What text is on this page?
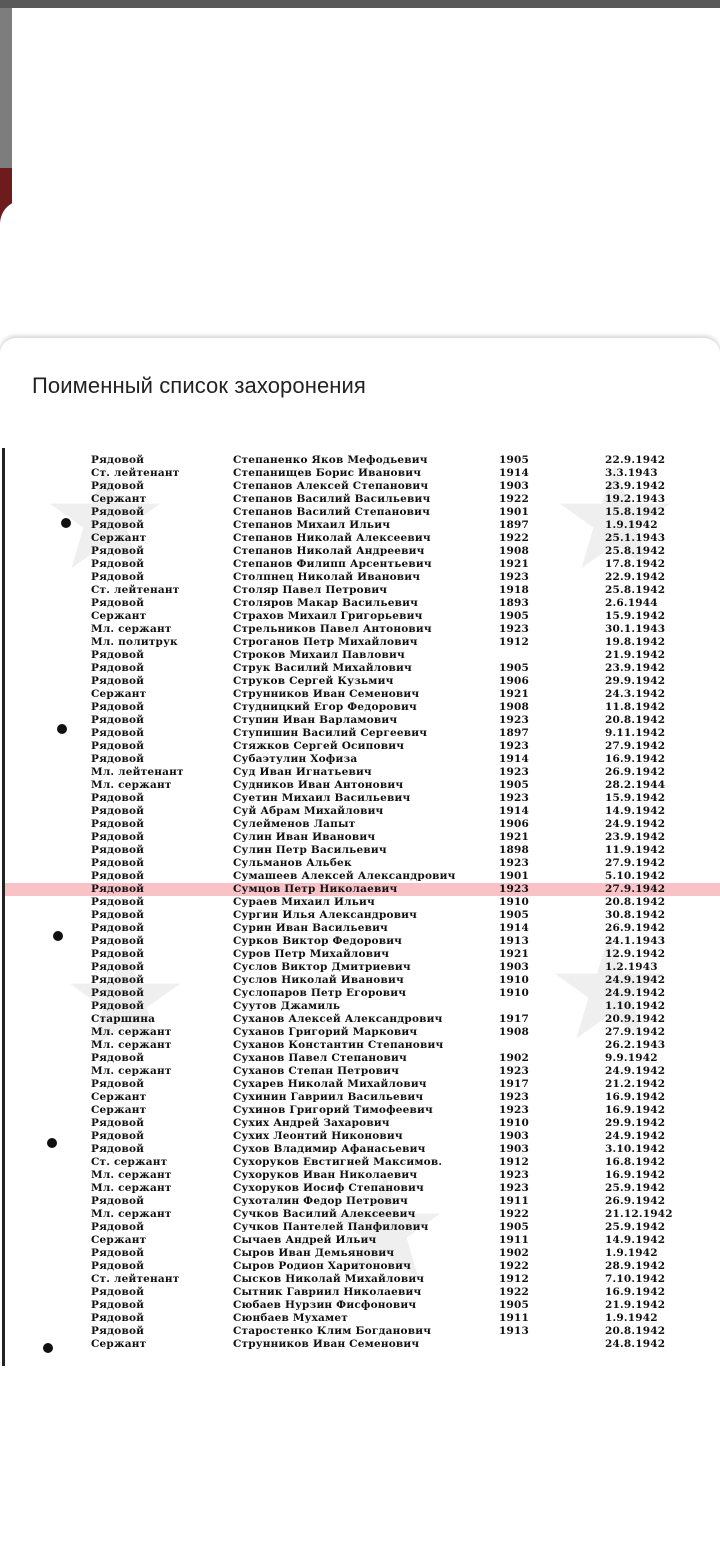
Поименный список захоронения
Рядовой	Степаненко Яков Мефодьевич	1905	22.9.1942
Ст. лейтенант	Степанищев Борис Иванович	1914	3.3.1943
Рядовой	Степанов Алексей Степанович	1903	23.9.1942
Сержант	Степанов Василий Васильевич	1922	19.2.1943
Рядовой	Степанов Василий Степанович	1901	15.8.1942
Рядовой	Степанов Михаил Ильич	1897	1.9.1942
Сержант	Степанов Николай Алексеевич	1922	25.1.1943
Рядовой	Степанов Николай Андреевич	1908	25.8.1942
Рядовой	Степанов Филипп Арсентьевич	1921	17.8.1942
Рядовой	Столпнец Николай Иванович	1923	22.9.1942
Ст. лейтенант	Столяр Павел Петрович	1918	25.8.1942
Рядовой	Столяров Макар Васильевич	1893	2.6.1944
Сержант	Страхов Михаил Григорьевич	1905	15.9.1942
Мл. сержант	Стрельников Павел Антонович	1923	30.1.1943
Мл. политрук	Строганов Петр Михайлович	1912	19.8.1942
Рядовой	Строков Михаил Павлович	21.9.1942
Рядовой	Струк Василий Михайлович	1905	23.9.1942
Рядовой	Струков Сергей Кузьмич	1906	29.9.1942
Сержант	Струнников Иван Семенович	1921	24.3.1942
Рядовой	Студницкий Егор Федорович	1908	11.8.1942
Рядовой	Ступин Иван Варламович	1923	20.8.1942
Рядовой	Ступишин Василий Сергеевич	1897	9.11.1942
Рядовой	Стяжков Сергей Осипович	1923	27.9.1942
Рядовой	Субаэтулин Хофиза	1914	16.9.1942
Мл. лейтенант	Суд Иван Игнатьевич	1923	26.9.1942
Мл. сержант	Судников Иван Антонович	1905	28.2.1944
Рядовой	Суетин Михаил Васильевич	1923	15.9.1942
Рядовой	Суй Абрам Михайлович	1914	14.9.1942
Рядовой	Сулейменов Лапыт	1906	24.9.1942
Рядовой	Сулин Иван Иванович	1921	23.9.1942
Рядовой	Сулин Петр Васильевич	1898	11.9.1942
Рядовой	Сульманов Альбек	1923	27.9.1942
Рядовой	Сумашеев Алексей Александрович	1901	5.10.1942
Рядовой	Сумцов Петр Николаевич	1923	27.9.1942
Рядовой	Сураев Михаил Ильич	1910	20.8.1942
Рядовой	Сургин Илья Александрович	1905	30.8.1942
Рядовой	Сурин Иван Васильевич	1914	26.9.1942
Рядовой	Сурков Виктор Федорович	1913	24.1.1943
Рядовой	Суров Петр Михайлович	1921	12.9.1942
Рядовой	Суслов Виктор Дмитриевич	1903	1.2.1943
Рядовой	Суслов Николай Иванович	1910	24.9.1942
Рядовой	Суслопаров Петр Егорович	1910	24.9.1942
Рядовой	Суутов Джамиль	1.10.1942
Старшина	Суханов Алексей Александрович	1917	20.9.1942
Мл. сержант	Суханов Григорий Маркович	1908	27.9.1942
Мл. сержант	Суханов Константин Степанович	26.2.1943
Рядовой	Суханов Павел Степанович	1902	9.9.1942
Мл. сержант	Суханов Степан Петрович	1923	24.9.1942
Рядовой	Сухарев Николай Михайлович	1917	21.2.1942
Сержант	Сухинин Гавриил Васильевич	1923	16.9.1942
Сержант	Сухинов Григорий Тимофеевич	1923	16.9.1942
Рядовой	Сухих Андрей Захарович	1910	29.9.1942
Рядовой	Сухих Леонтий Никонович	1903	24.9.1942
Рядовой	Сухов Владимир Афанасьевич	1903	3.10.1942
Ст. сержант	Сухоруков Евстигней Максимов.	1912	16.8.1942
Мл. сержант	Сухоруков Иван Николаевич	1923	16.9.1942
Мл. сержант	Сухоруков Иосиф Степанович	1923	25.9.1942
Рядовой	Сухоталин Федор Петрович	1911	26.9.1942
Мл. сержант	Сучков Василий Алексеевич	1922	21.12.1942
Рядовой	Сучков Пантелей Панфилович	1905	25.9.1942
Сержант	Сычаев Андрей Ильич	1911	14.9.1942
Рядовой	Сыров Иван Демьянович	1902	1.9.1942
Рядовой	Сыров Родион Харитонович	1922	28.9.1942
Ст. лейтенант	Сысков Николай Михайлович	1912	7.10.1942
Рядовой	Сытник Гавриил Николаевич	1922	16.9.1942
Рядовой	Сюбаев Нурзин Фисфонович	1905	21.9.1942
Рядовой	Сюнбаев Мухамет	1911	1.9.1942
Рядовой	Старостенко Клим Богданович	1913	20.8.1942
Сержант	Струнников Иван Семенович	24.8.1942
